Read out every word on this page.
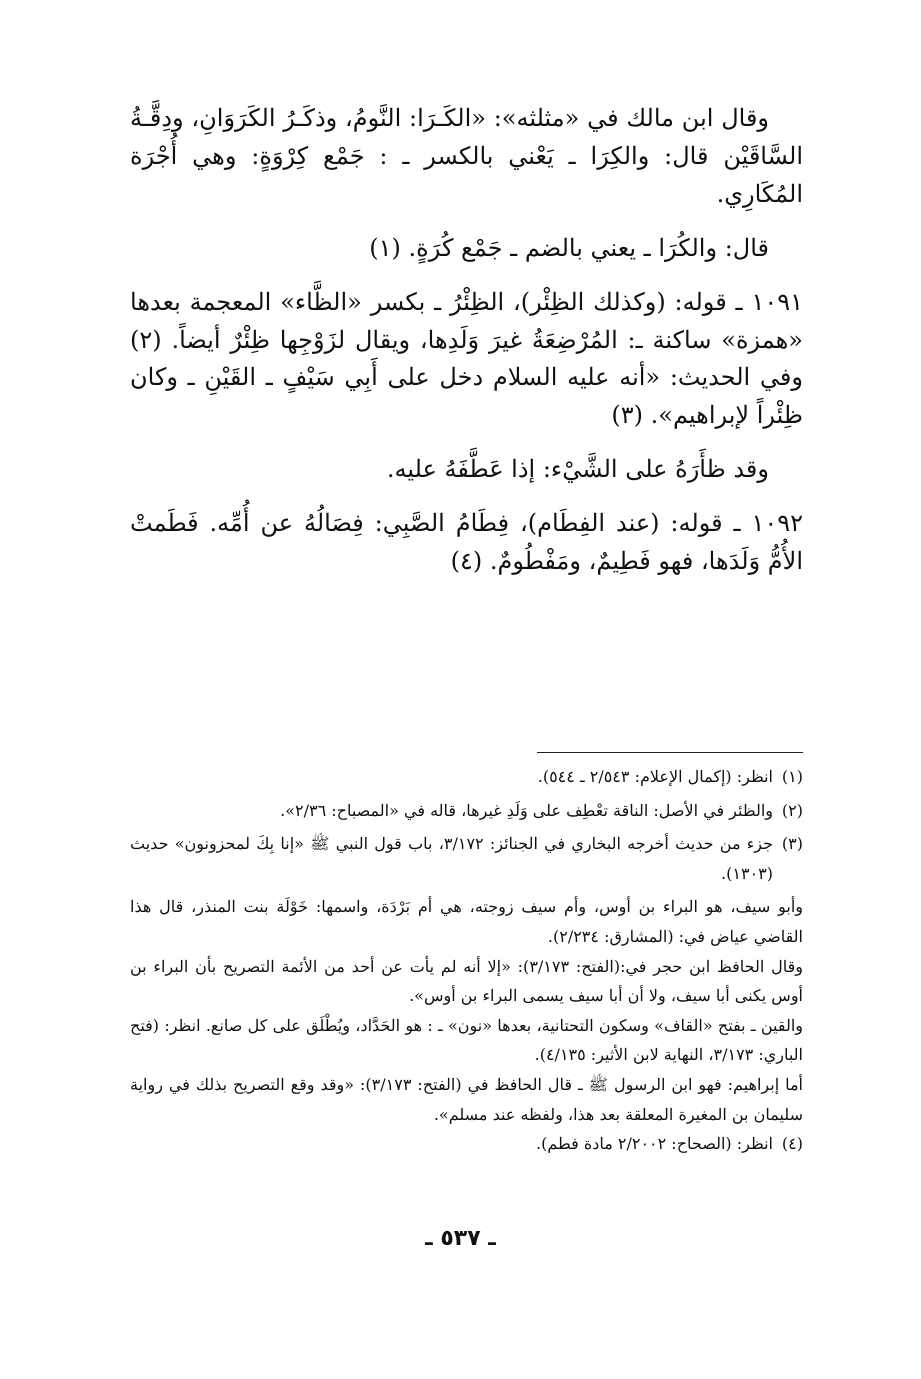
وقال ابن مالك في «مثلثه»: «الكَـرَا: النَّومُ، وذكَـرُ الكَرَوَانِ، ودِقَّـةُ السَّاقَيْن قال: والكِرَا ـ يَعْني بالكسر ـ : جَمْع كِرْوَةٍ: وهي أُجْرَة المُكَارِي.

قال: والكُرَا ـ يعني بالضم ـ جَمْع كُرَةٍ. (١)

١٠٩١ ـ قوله: (وكذلك الظِئْر)، الظِئْرُ ـ بكسر «الظَّاء» المعجمة بعدها «همزة» ساكنة ـ: المُرْضِعَةُ غيرَ وَلَدِها، ويقال لزَوْجِها ظِئْرٌ أيضاً. (٢) وفي الحديث: «أنه عليه السلام دخل على أَبِي سَيْفٍ ـ القَيْنِ ـ وكان ظِئْراً لإبراهيم». (٣)

وقد ظأَرَهُ على الشَّيْء: إذا عَطَّفَهُ عليه.

١٠٩٢ ـ قوله: (عند الفِطَام)، فِطَامُ الصَّبِي: فِصَالُهُ عن أُمِّه. فَطَمتْ الأُمُّ وَلَدَها، فهو فَطِيمٌ، ومَفْطُومٌ. (٤)

(١)
انظر: (إكمال الإعلام: ٢/٥٤٣ ـ ٥٤٤).
(٢)
والظئر في الأصل: الناقة تعْطِف على وَلَدِ غيرها، قاله في «المصباح: ٢/٣٦».
(٣)
جزء من حديث أخرجه البخاري في الجنائز: ٣/١٧٢، باب قول النبي ﷺ «إنا بِكَ لمحزونون» حديث (١٣٠٣).
وأبو سيف، هو البراء بن أوس، وأم سيف زوجته، هي أم بَرْدَة، واسمها: خَوْلَة بنت المنذر، قال هذا القاضي عياض في: (المشارق: ٢/٢٣٤).
وقال الحافظ ابن حجر في:(الفتح: ٣/١٧٣): «إلا أنه لم يأت عن أحد من الأئمة التصريح بأن البراء بن أوس يكنى أبا سيف، ولا أن أبا سيف يسمى البراء بن أوس».
والقين ـ بفتح «القاف» وسكون التحتانية، بعدها «نون» ـ : هو الحَدَّاد، ويُطْلَق على كل صانع. انظر: (فتح الباري: ٣/١٧٣، النهاية لابن الأثير: ٤/١٣٥).
أما إبراهيم: فهو ابن الرسول ﷺ ـ قال الحافظ في (الفتح: ٣/١٧٣): «وقد وقع التصريح بذلك في رواية سليمان بن المغيرة المعلقة بعد هذا، ولفظه عند مسلم».
(٤)
انظر: (الصحاح: ٢/٢٠٠٢ مادة فطم).
ـ ٥٣٧ ـ
